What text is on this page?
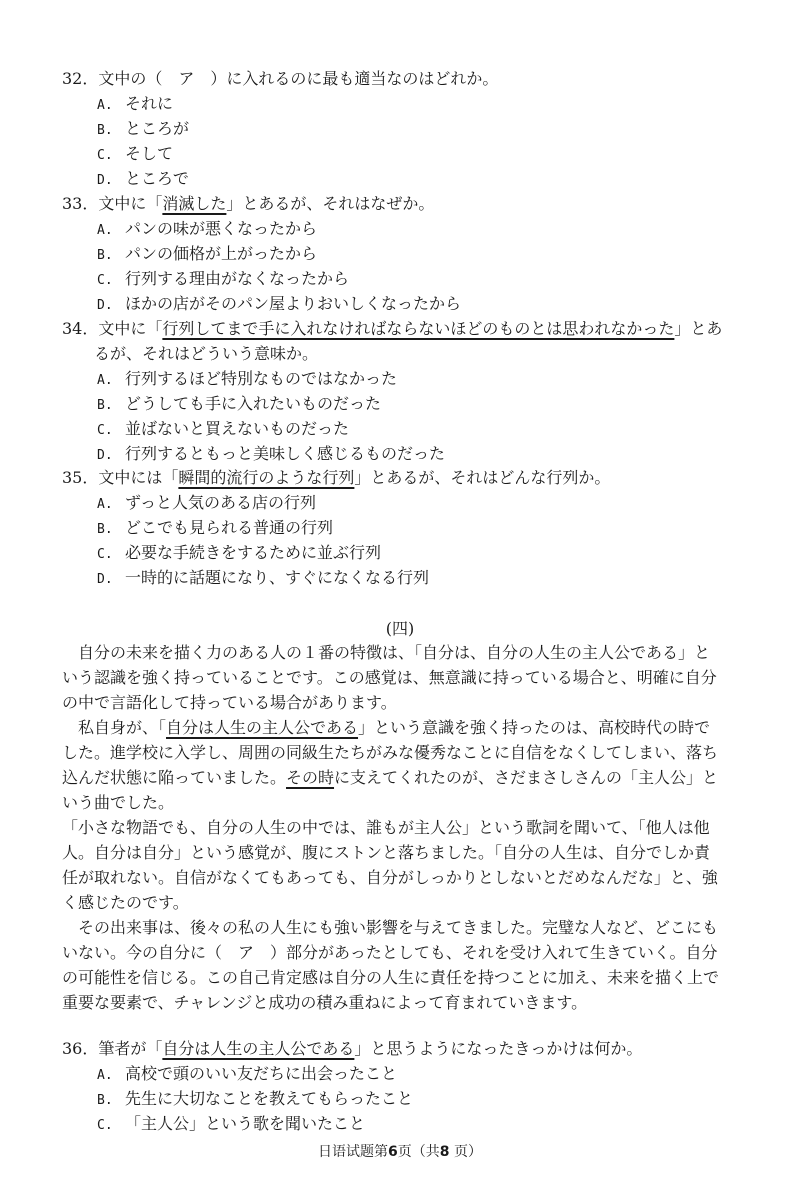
32．文中の（　ア　）に入れるのに最も適当なのはどれか。
A. それに
B. ところが
C. そして
D. ところで
33．文中に「消滅した」とあるが、それはなぜか。
A. パンの味が悪くなったから
B. パンの価格が上がったから
C. 行列する理由がなくなったから
D. ほかの店がそのパン屋よりおいしくなったから
34．文中に「行列してまで手に入れなければならないほどのものとは思われなかった」とあ
るが、それはどういう意味か。
A. 行列するほど特別なものではなかった
B. どうしても手に入れたいものだった
C. 並ばないと買えないものだった
D. 行列するともっと美味しく感じるものだった
35．文中には「瞬間的流行のような行列」とあるが、それはどんな行列か。
A. ずっと人気のある店の行列
B. どこでも見られる普通の行列
C. 必要な手続きをするために並ぶ行列
D. 一時的に話題になり、すぐになくなる行列
(四)
　自分の未来を描く力のある人の１番の特徴は、「自分は、自分の人生の主人公である」と
いう認識を強く持っていることです。この感覚は、無意識に持っている場合と、明確に自分
の中で言語化して持っている場合があります。
　私自身が、「自分は人生の主人公である」という意識を強く持ったのは、高校時代の時で
した。進学校に入学し、周囲の同級生たちがみな優秀なことに自信をなくしてしまい、落ち
込んだ状態に陥っていました。その時に支えてくれたのが、さだまさしさんの「主人公」と
いう曲でした。
「小さな物語でも、自分の人生の中では、誰もが主人公」という歌詞を聞いて、「他人は他
人。自分は自分」という感覚が、腹にストンと落ちました。「自分の人生は、自分でしか責
任が取れない。自信がなくてもあっても、自分がしっかりとしないとだめなんだな」と、強
く感じたのです。
　その出来事は、後々の私の人生にも強い影響を与えてきました。完璧な人など、どこにも
いない。今の自分に（　ア　）部分があったとしても、それを受け入れて生きていく。自分
の可能性を信じる。この自己肯定感は自分の人生に責任を持つことに加え、未来を描く上で
重要な要素で、チャレンジと成功の積み重ねによって育まれていきます。
36．筆者が「自分は人生の主人公である」と思うようになったきっかけは何か。
A. 高校で頭のいい友だちに出会ったこと
B. 先生に大切なことを教えてもらったこと
C. 「主人公」という歌を聞いたこと
日语试题第6页（共8 页）
